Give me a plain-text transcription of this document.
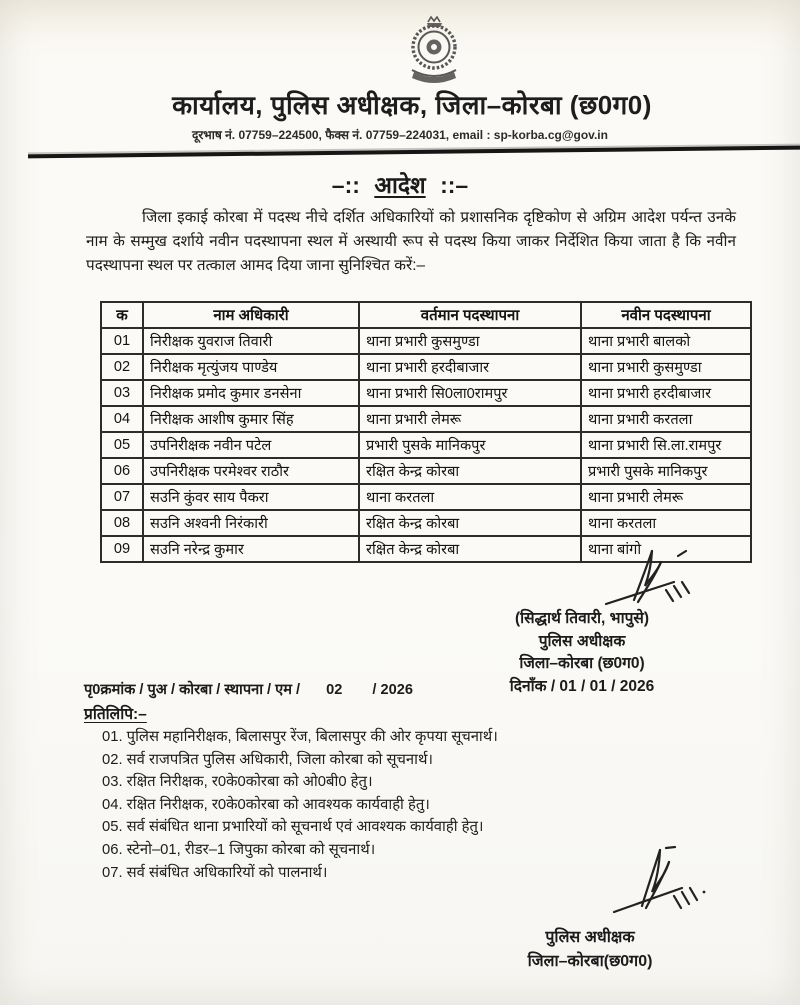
कार्यालय, पुलिस अधीक्षक, जिला–कोरबा (छ0ग0)
दूरभाष नं. 07759–224500, फैक्स नं. 07759–224031, email : sp-korba.cg@gov.in
–:: आदेश ::–
जिला इकाई कोरबा में पदस्थ नीचे दर्शित अधिकारियों को प्रशासनिक दृष्टिकोण से अग्रिम आदेश पर्यन्त उनके नाम के सम्मुख दर्शाये नवीन पदस्थापना स्थल में अस्थायी रूप से पदस्थ किया जाकर निर्देशित किया जाता है कि नवीन पदस्थापना स्थल पर तत्काल आमद दिया जाना सुनिश्चित करें:–
क	नाम अधिकारी	वर्तमान पदस्थापना	नवीन पदस्थापना
01	निरीक्षक युवराज तिवारी	थाना प्रभारी कुसमुण्डा	थाना प्रभारी बालको
02	निरीक्षक मृत्युंजय पाण्डेय	थाना प्रभारी हरदीबाजार	थाना प्रभारी कुसमुण्डा
03	निरीक्षक प्रमोद कुमार डनसेना	थाना प्रभारी सि0ला0रामपुर	थाना प्रभारी हरदीबाजार
04	निरीक्षक आशीष कुमार सिंह	थाना प्रभारी लेमरू	थाना प्रभारी करतला
05	उपनिरीक्षक नवीन पटेल	प्रभारी पुसके मानिकपुर	थाना प्रभारी सि.ला.रामपुर
06	उपनिरीक्षक परमेश्वर राठौर	रक्षित केन्द्र कोरबा	प्रभारी पुसके मानिकपुर
07	सउनि कुंवर साय पैकरा	थाना करतला	थाना प्रभारी लेमरू
08	सउनि अश्वनी निरंकारी	रक्षित केन्द्र कोरबा	थाना करतला
09	सउनि नरेन्द्र कुमार	रक्षित केन्द्र कोरबा	थाना बांगो
(सिद्धार्थ तिवारी, भापुसे)
पुलिस अधीक्षक
जिला–कोरबा (छ0ग0)
दिनाँक / 01 / 01 / 2026
पृ0क्रमांक / पुअ / कोरबा / स्थापना / एम / 02 / 2026
प्रतिलिपि:–
01. पुलिस महानिरीक्षक, बिलासपुर रेंज, बिलासपुर की ओर कृपया सूचनार्थ।
02. सर्व राजपत्रित पुलिस अधिकारी, जिला कोरबा को सूचनार्थ।
03. रक्षित निरीक्षक, र0के0कोरबा को ओ0बी0 हेतु।
04. रक्षित निरीक्षक, र0के0कोरबा को आवश्यक कार्यवाही हेतु।
05. सर्व संबंधित थाना प्रभारियों को सूचनार्थ एवं आवश्यक कार्यवाही हेतु।
06. स्टेनो–01, रीडर–1 जिपुका कोरबा को सूचनार्थ।
07. सर्व संबंधित अधिकारियों को पालनार्थ।
पुलिस अधीक्षक
जिला–कोरबा(छ0ग0)
